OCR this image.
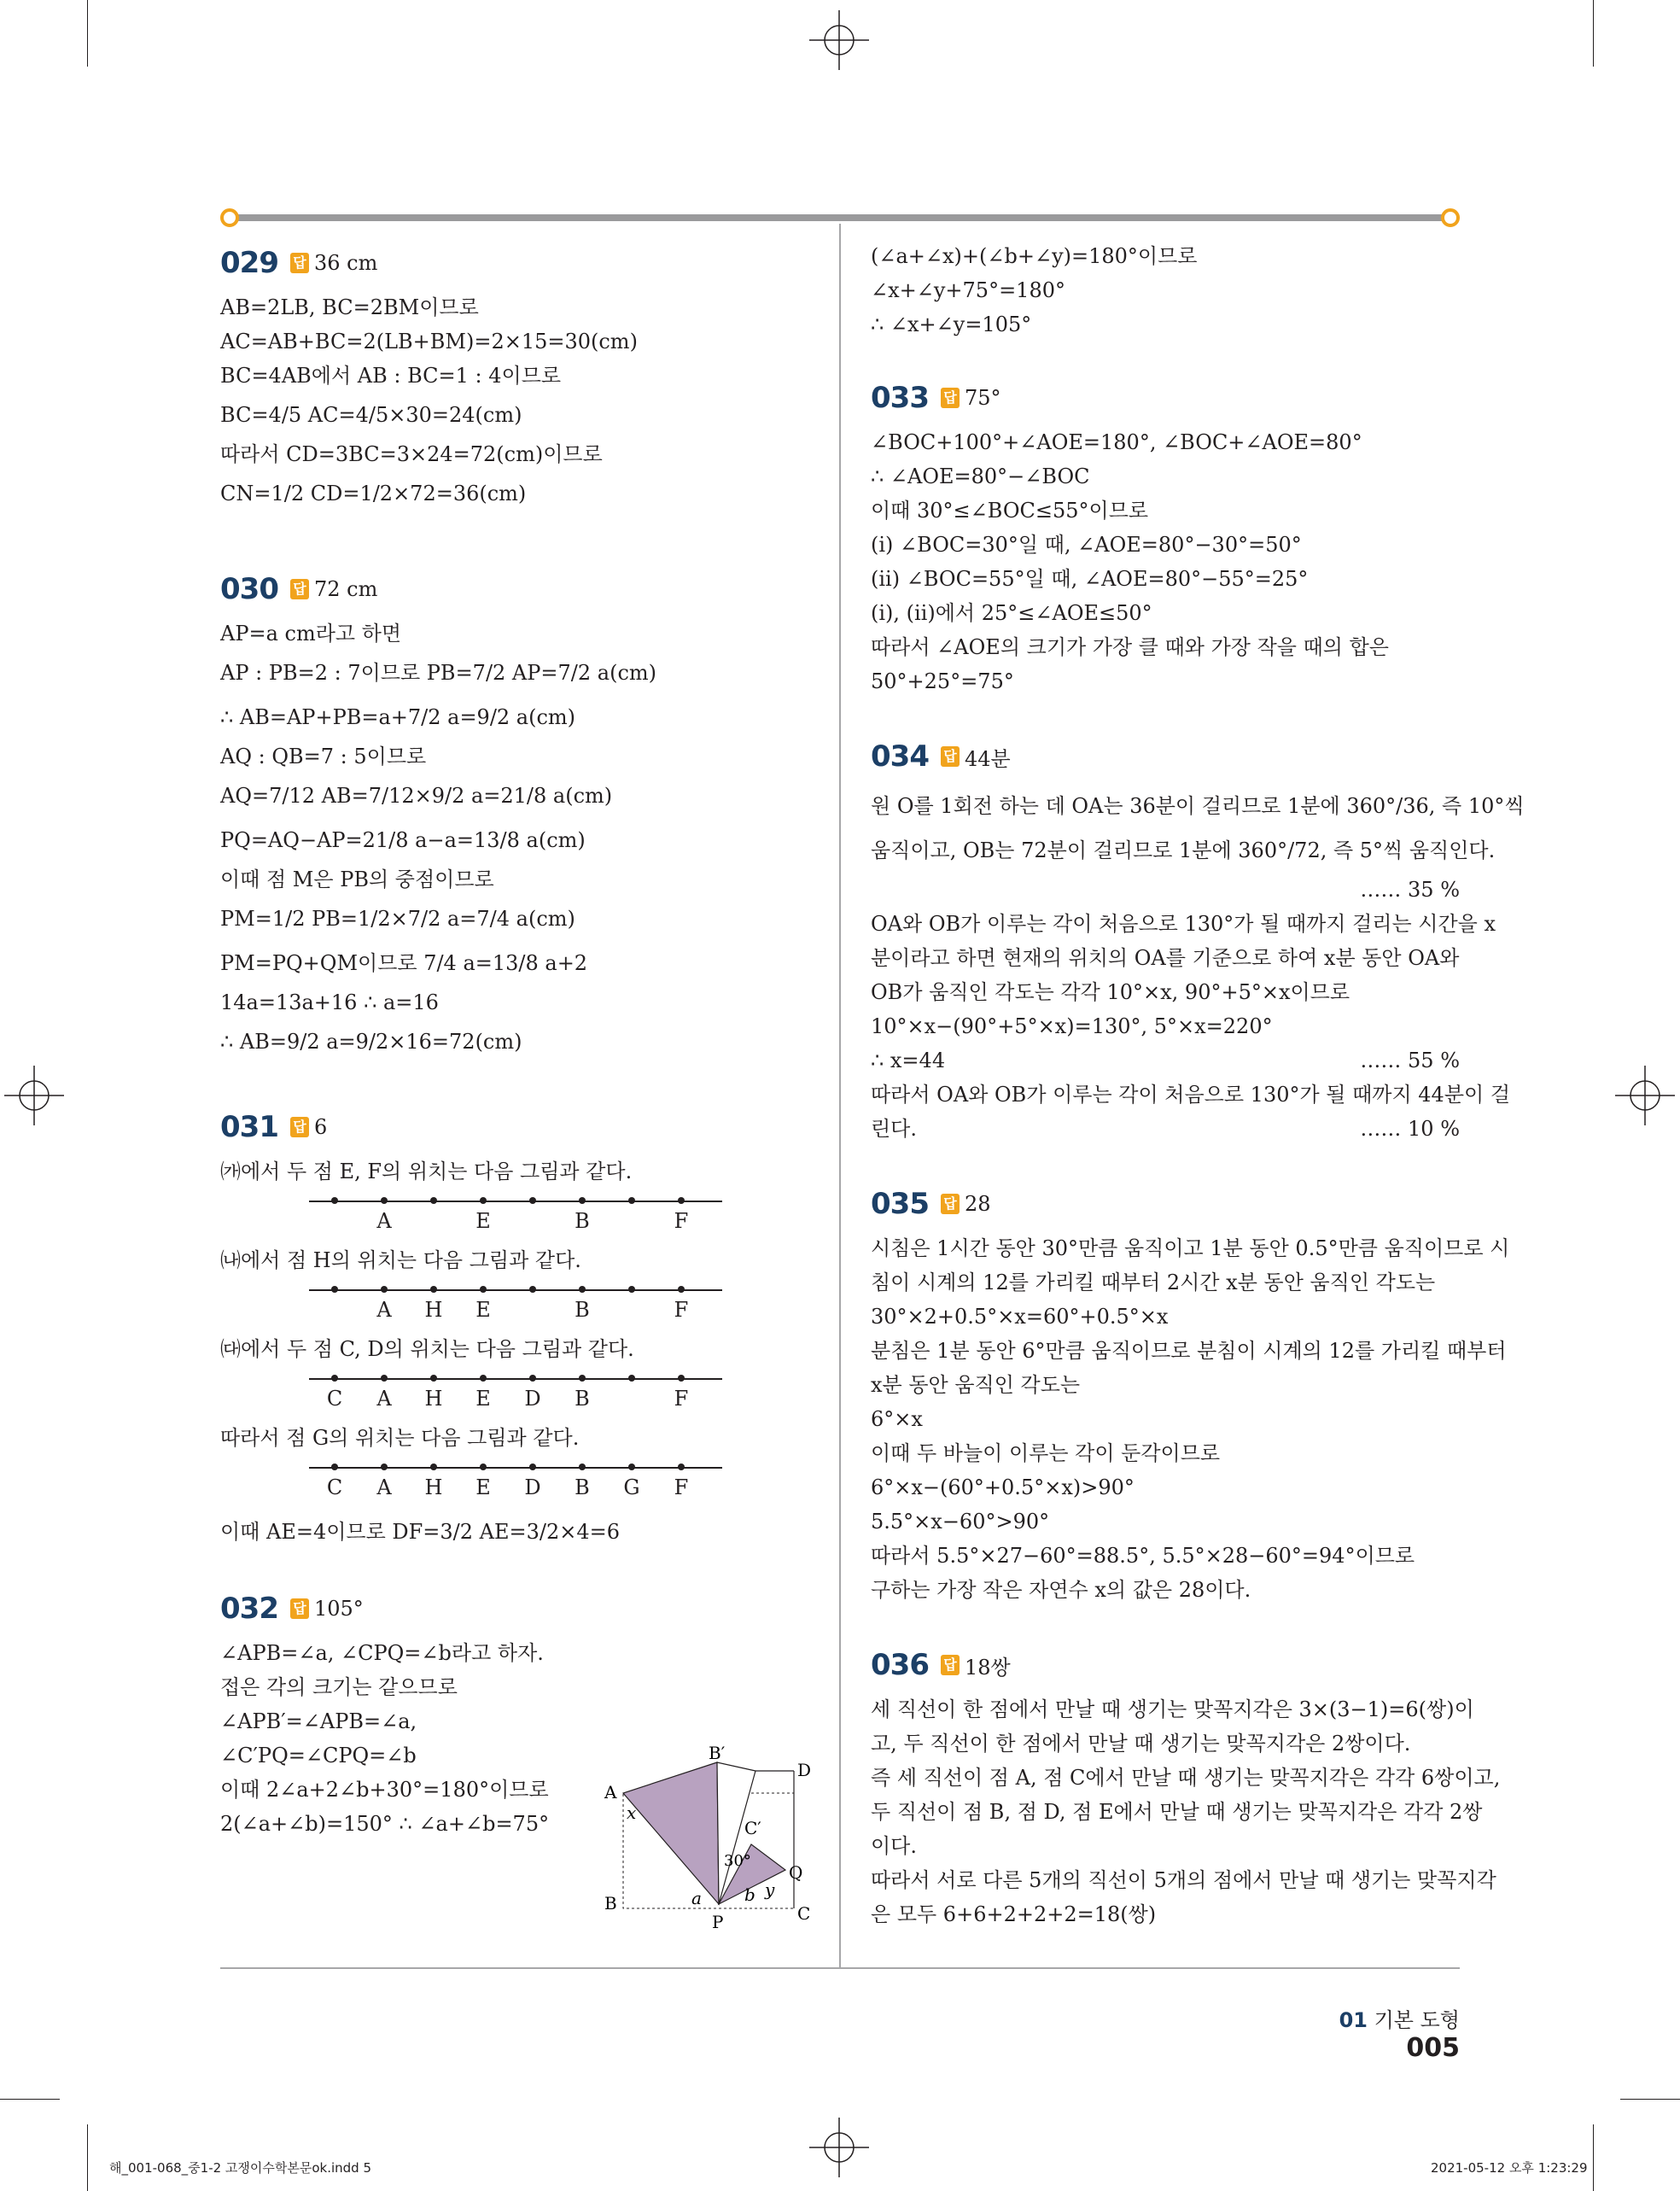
029 답 36 cm
AB=2LB, BC=2BM이므로
AC=AB+BC=2(LB+BM)=2×15=30(cm)
BC=4AB에서 AB : BC=1 : 4이므로
BC=4/5 AC=4/5×30=24(cm)
따라서 CD=3BC=3×24=72(cm)이므로
CN=1/2 CD=1/2×72=36(cm)
030 답 72 cm
AP=a cm라고 하면
AP : PB=2 : 7이므로 PB=7/2 AP=7/2 a(cm)
∴ AB=AP+PB=a+7/2 a=9/2 a(cm)
AQ : QB=7 : 5이므로
AQ=7/12 AB=7/12×9/2 a=21/8 a(cm)
PQ=AQ−AP=21/8 a−a=13/8 a(cm)
이때 점 M은 PB의 중점이므로
PM=1/2 PB=1/2×7/2 a=7/4 a(cm)
PM=PQ+QM이므로 7/4 a=13/8 a+2
14a=13a+16 ∴ a=16
∴ AB=9/2 a=9/2×16=72(cm)
031 답 6
㈎에서 두 점 E, F의 위치는 다음 그림과 같다.
A	E	B	F
㈏에서 점 H의 위치는 다음 그림과 같다.
A H E	B	F
㈐에서 두 점 C, D의 위치는 다음 그림과 같다.
C A H E D B	F
따라서 점 G의 위치는 다음 그림과 같다.
C A H E D B G F
이때 AE=4이므로 DF=3/2 AE=3/2×4=6
032 답 105°
∠APB=∠a, ∠CPQ=∠b라고 하자.
접은 각의 크기는 같으므로
∠APB′=∠APB=∠a,
∠C′PQ=∠CPQ=∠b
이때 2∠a+2∠b+30°=180°이므로
2(∠a+∠b)=150° ∴ ∠a+∠b=75°
A
B	C
D
P
Q
B′
C′
x
y
a	b
30°
(∠a+∠x)+(∠b+∠y)=180°이므로
∠x+∠y+75°=180°
∴ ∠x+∠y=105°
033 답 75°
∠BOC+100°+∠AOE=180°, ∠BOC+∠AOE=80°
∴ ∠AOE=80°−∠BOC
이때 30°≤∠BOC≤55°이므로
(ⅰ) ∠BOC=30°일 때, ∠AOE=80°−30°=50°
(ⅱ) ∠BOC=55°일 때, ∠AOE=80°−55°=25°
(ⅰ), (ⅱ)에서 25°≤∠AOE≤50°
따라서 ∠AOE의 크기가 가장 클 때와 가장 작을 때의 합은
50°+25°=75°
034 답 44분
원 O를 1회전 하는 데 OA는 36분이 걸리므로 1분에 360°/36, 즉 10°씩
움직이고, OB는 72분이 걸리므로 1분에 360°/72, 즉 5°씩 움직인다.
…… 35 %
OA와 OB가 이루는 각이 처음으로 130°가 될 때까지 걸리는 시간을 x
분이라고 하면 현재의 위치의 OA를 기준으로 하여 x분 동안 OA와
OB가 움직인 각도는 각각 10°×x, 90°+5°×x이므로
10°×x−(90°+5°×x)=130°, 5°×x=220°
∴ x=44	…… 55 %
따라서 OA와 OB가 이루는 각이 처음으로 130°가 될 때까지 44분이 걸
린다.	…… 10 %
035 답 28
시침은 1시간 동안 30°만큼 움직이고 1분 동안 0.5°만큼 움직이므로 시
침이 시계의 12를 가리킬 때부터 2시간 x분 동안 움직인 각도는
30°×2+0.5°×x=60°+0.5°×x
분침은 1분 동안 6°만큼 움직이므로 분침이 시계의 12를 가리킬 때부터
x분 동안 움직인 각도는
6°×x
이때 두 바늘이 이루는 각이 둔각이므로
6°×x−(60°+0.5°×x)>90°
5.5°×x−60°>90°
따라서 5.5°×27−60°=88.5°, 5.5°×28−60°=94°이므로
구하는 가장 작은 자연수 x의 값은 28이다.
036 답 18쌍
세 직선이 한 점에서 만날 때 생기는 맞꼭지각은 3×(3−1)=6(쌍)이
고, 두 직선이 한 점에서 만날 때 생기는 맞꼭지각은 2쌍이다.
즉 세 직선이 점 A, 점 C에서 만날 때 생기는 맞꼭지각은 각각 6쌍이고,
두 직선이 점 B, 점 D, 점 E에서 만날 때 생기는 맞꼭지각은 각각 2쌍
이다.
따라서 서로 다른 5개의 직선이 5개의 점에서 만날 때 생기는 맞꼭지각
은 모두 6+6+2+2+2=18(쌍)
01 기본 도형005
해_001-068_중1-2 고쟁이수학본문ok.indd 5	2021-05-12 오후 1:23:29
